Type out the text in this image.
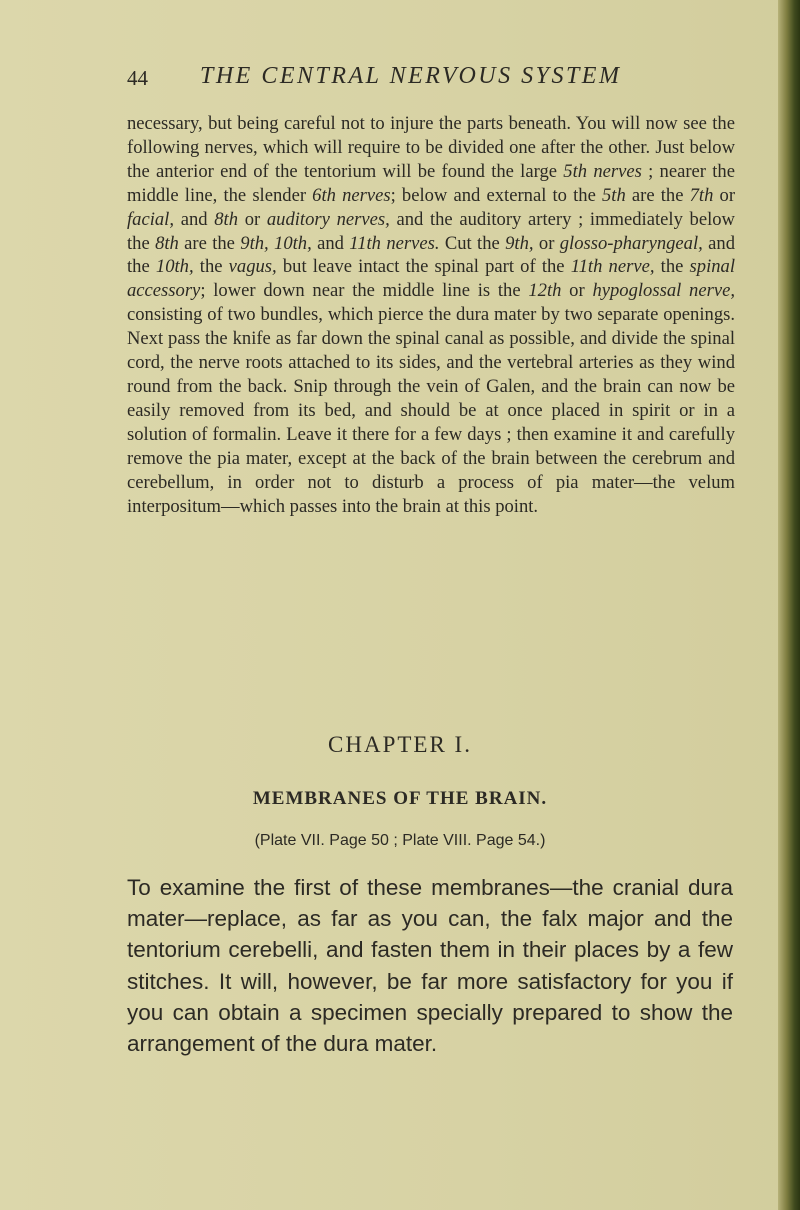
44 THE CENTRAL NERVOUS SYSTEM
necessary, but being careful not to injure the parts beneath. You will now see the following nerves, which will require to be divided one after the other. Just below the anterior end of the tentorium will be found the large 5th nerves ; nearer the middle line, the slender 6th nerves; below and external to the 5th are the 7th or facial, and 8th or auditory nerves, and the auditory artery ; immediately below the 8th are the 9th, 10th, and 11th nerves. Cut the 9th, or glosso-pharyngeal, and the 10th, the vagus, but leave intact the spinal part of the 11th nerve, the spinal accessory; lower down near the middle line is the 12th or hypoglossal nerve, consisting of two bundles, which pierce the dura mater by two separate openings. Next pass the knife as far down the spinal canal as possible, and divide the spinal cord, the nerve roots attached to its sides, and the vertebral arteries as they wind round from the back. Snip through the vein of Galen, and the brain can now be easily removed from its bed, and should be at once placed in spirit or in a solution of formalin. Leave it there for a few days ; then examine it and carefully remove the pia mater, except at the back of the brain between the cerebrum and cerebellum, in order not to disturb a process of pia mater—the velum interpositum—which passes into the brain at this point.
CHAPTER I.
MEMBRANES OF THE BRAIN.
(Plate VII. Page 50 ; Plate VIII. Page 54.)
To examine the first of these membranes—the cranial dura mater—replace, as far as you can, the falx major and the tentorium cerebelli, and fasten them in their places by a few stitches. It will, however, be far more satisfactory for you if you can obtain a specimen specially prepared to show the arrangement of the dura mater.
